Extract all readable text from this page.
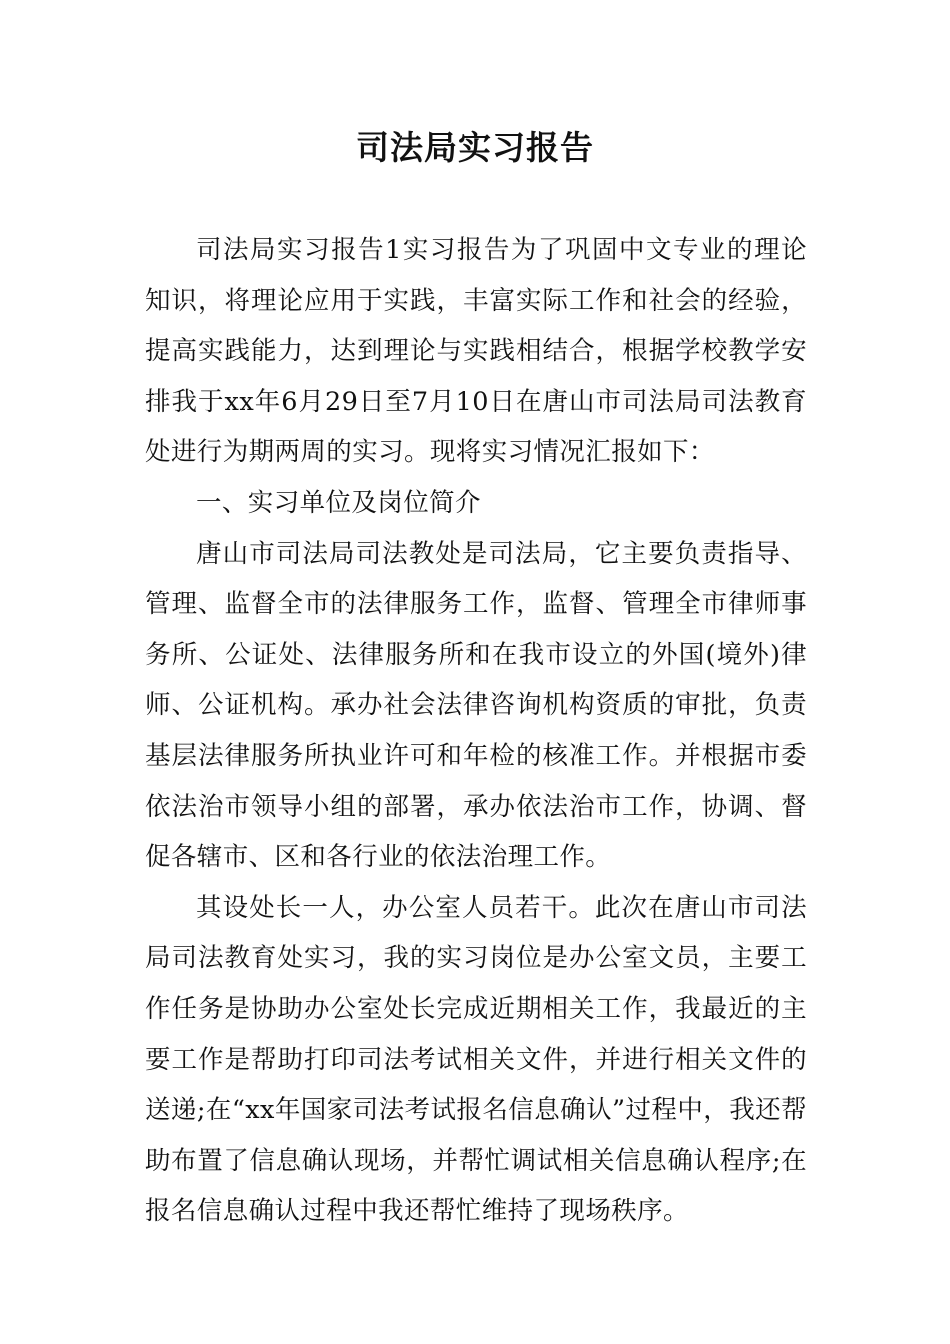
司法局实习报告

司法局实习报告1实习报告为了巩固中文专业的理论知识，将理论应用于实践，丰富实际工作和社会的经验，提高实践能力，达到理论与实践相结合，根据学校教学安排我于xx年6月29日至7月10日在唐山市司法局司法教育处进行为期两周的实习。现将实习情况汇报如下：

一、实习单位及岗位简介

唐山市司法局司法教处是司法局，它主要负责指导、管理、监督全市的法律服务工作，监督、管理全市律师事务所、公证处、法律服务所和在我市设立的外国(境外)律师、公证机构。承办社会法律咨询机构资质的审批，负责基层法律服务所执业许可和年检的核准工作。并根据市委依法治市领导小组的部署，承办依法治市工作，协调、督促各辖市、区和各行业的依法治理工作。

其设处长一人，办公室人员若干。此次在唐山市司法局司法教育处实习，我的实习岗位是办公室文员，主要工作任务是协助办公室处长完成近期相关工作，我最近的主要工作是帮助打印司法考试相关文件，并进行相关文件的送递;在“xx年国家司法考试报名信息确认”过程中，我还帮助布置了信息确认现场，并帮忙调试相关信息确认程序;在报名信息确认过程中我还帮忙维持了现场秩序。
